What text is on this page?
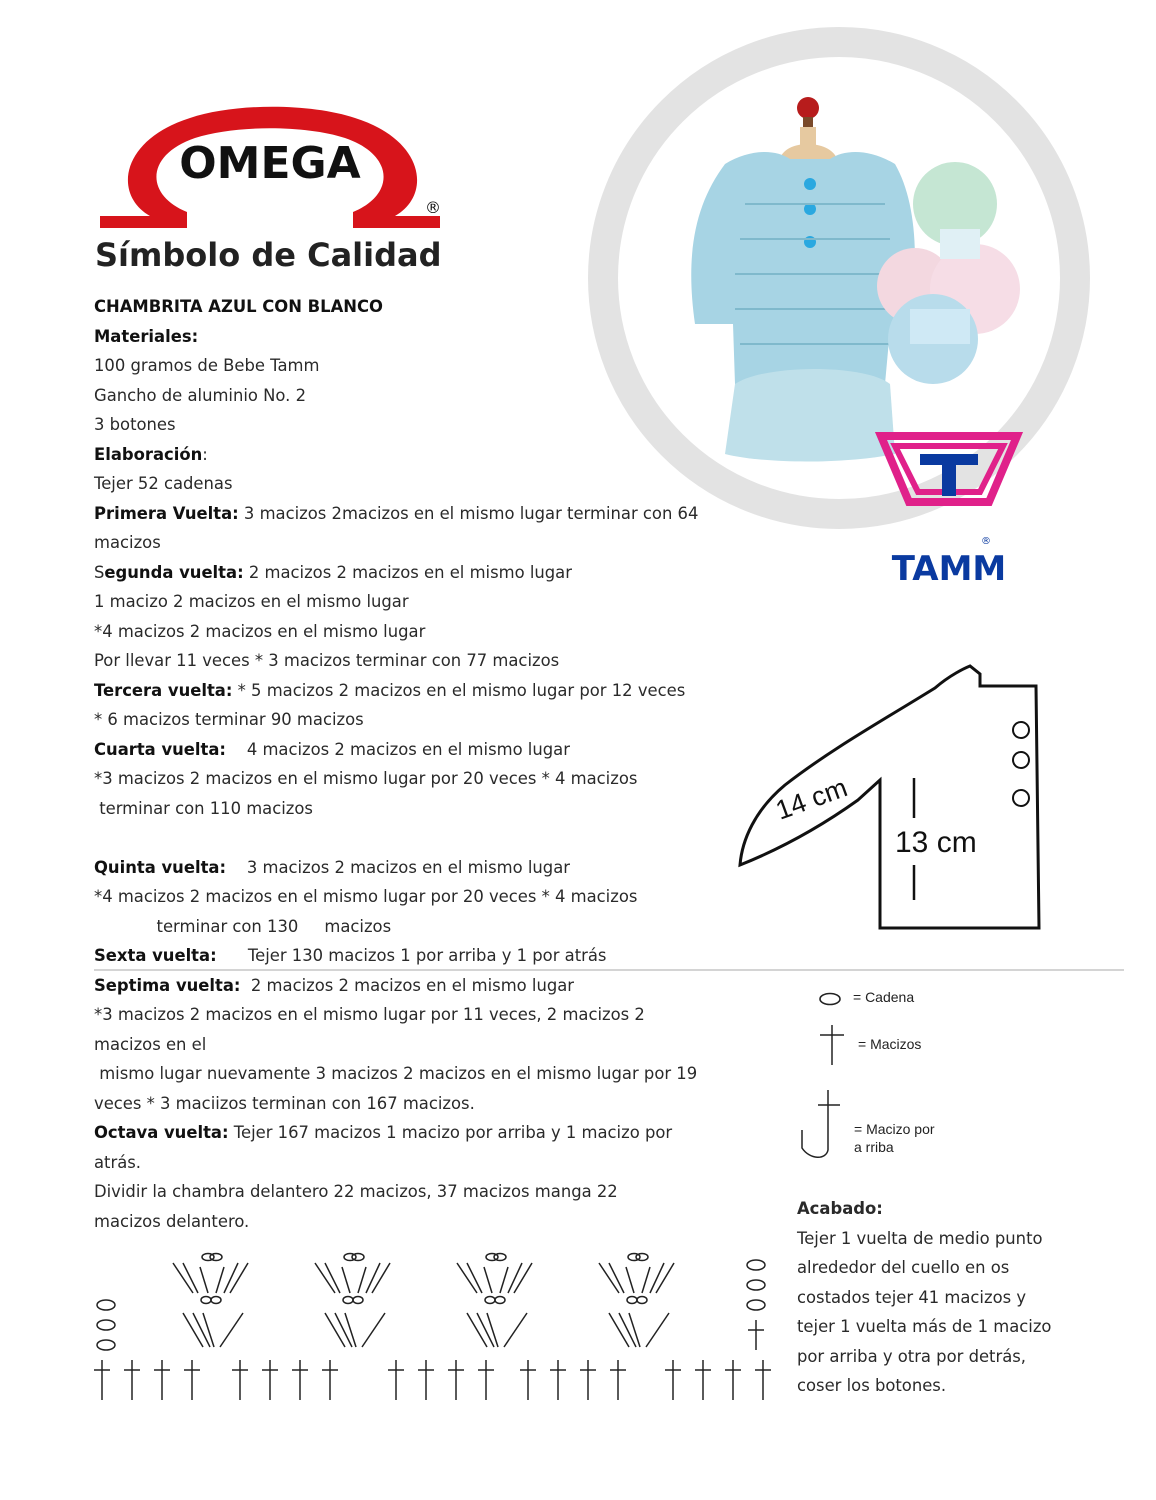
OMEGA
®
Símbolo de Calidad
TAMM
®

CHAMBRITA AZUL CON BLANCO

Materiales:

100 gramos de Bebe Tamm

Gancho de aluminio No. 2

3 botones

Elaboración:

Tejer 52 cadenas

Primera Vuelta: 3 macizos 2macizos en el mismo lugar terminar con 64

macizos

Segunda vuelta: 2 macizos 2 macizos en el mismo lugar

1 macizo 2 macizos en el mismo lugar

*4 macizos 2 macizos en el mismo lugar

Por llevar 11 veces * 3 macizos terminar con 77 macizos

Tercera vuelta: * 5 macizos 2 macizos en el mismo lugar por 12 veces

* 6 macizos terminar 90 macizos

Cuarta vuelta:    4 macizos 2 macizos en el mismo lugar

*3 macizos 2 macizos en el mismo lugar por 20 veces * 4 macizos

terminar con 110 macizos

Quinta vuelta:    3 macizos 2 macizos en el mismo lugar

*4 macizos 2 macizos en el mismo lugar por 20 veces * 4 macizos

terminar con 130     macizos

Sexta vuelta:      Tejer 130 macizos 1 por arriba y 1 por atrás

Septima vuelta:  2 macizos 2 macizos en el mismo lugar

*3 macizos 2 macizos en el mismo lugar por 11 veces, 2 macizos 2

macizos en el

mismo lugar nuevamente 3 macizos 2 macizos en el mismo lugar por 19

veces * 3 maciizos terminan con 167 macizos.

Octava vuelta: Tejer 167 macizos 1 macizo por arriba y 1 macizo por

atrás.

Dividir la chambra delantero 22 macizos, 37 macizos manga 22

macizos delantero.

13 cm
14 cm
= Cadena
= Macizos
= Macizo por
a rriba

Acabado:

Tejer 1 vuelta de medio punto

alrededor del cuello en os

costados tejer 41 macizos y

tejer 1 vuelta más de 1 macizo

por arriba y otra por detrás,

coser los botones.
